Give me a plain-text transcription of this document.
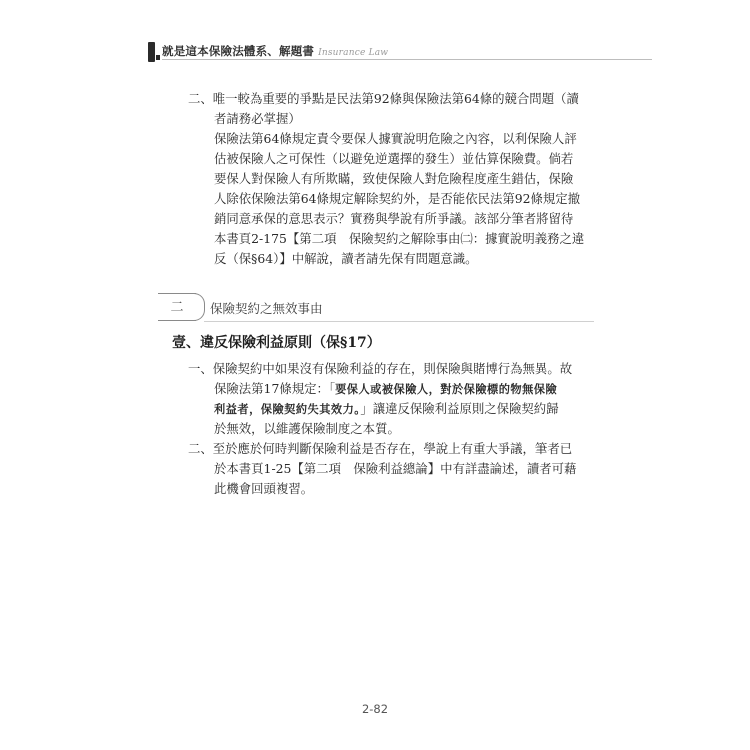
就是這本保險法體系、解題書 Insurance Law
二、唯一較為重要的爭點是民法第92條與保險法第64條的競合問題（讀
者請務必掌握）
保險法第64條規定責令要保人據實說明危險之內容，以利保險人評
估被保險人之可保性（以避免逆選擇的發生）並估算保險費。倘若
要保人對保險人有所欺瞞，致使保險人對危險程度產生錯估，保險
人除依保險法第64條規定解除契約外，是否能依民法第92條規定撤
銷同意承保的意思表示？實務與學說有所爭議。該部分筆者將留待
本書頁2-175【第二項　保險契約之解除事由㈡：據實說明義務之違
反（保§64）】中解說，讀者請先保有問題意識。
二	保險契約之無效事由
壹、違反保險利益原則（保§17）
一、保險契約中如果沒有保險利益的存在，則保險與賭博行為無異。故
保險法第17條規定：「要保人或被保險人，對於保險標的物無保險
利益者，保險契約失其效力。」讓違反保險利益原則之保險契約歸
於無效，以維護保險制度之本質。
二、至於應於何時判斷保險利益是否存在，學說上有重大爭議，筆者已
於本書頁1-25【第二項　保險利益總論】中有詳盡論述，讀者可藉
此機會回頭複習。
2-82
